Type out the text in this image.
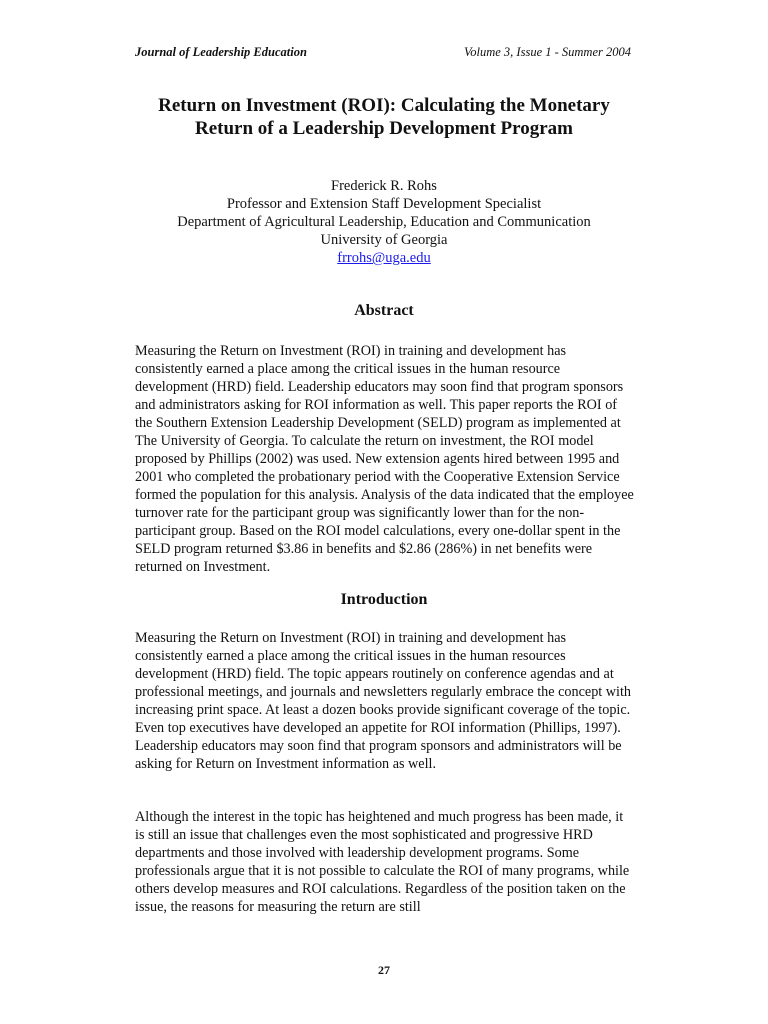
Journal of Leadership Education	Volume 3, Issue 1 - Summer 2004
Return on Investment (ROI): Calculating the Monetary
Return of a Leadership Development Program
Frederick R. Rohs
Professor and Extension Staff Development Specialist
Department of Agricultural Leadership, Education and Communication
University of Georgia
frrohs@uga.edu
Abstract

Measuring the Return on Investment (ROI) in training and development has consistently earned a place among the critical issues in the human resource development (HRD) field. Leadership educators may soon find that program sponsors and administrators asking for ROI information as well. This paper reports the ROI of the Southern Extension Leadership Development (SELD) program as implemented at The University of Georgia. To calculate the return on investment, the ROI model proposed by Phillips (2002) was used. New extension agents hired between 1995 and 2001 who completed the probationary period with the Cooperative Extension Service formed the population for this analysis. Analysis of the data indicated that the employee turnover rate for the participant group was significantly lower than for the non-participant group. Based on the ROI model calculations, every one-dollar spent in the SELD program returned $3.86 in benefits and $2.86 (286%) in net benefits were returned on Investment.

Introduction

Measuring the Return on Investment (ROI) in training and development has consistently earned a place among the critical issues in the human resources development (HRD) field. The topic appears routinely on conference agendas and at professional meetings, and journals and newsletters regularly embrace the concept with increasing print space. At least a dozen books provide significant coverage of the topic. Even top executives have developed an appetite for ROI information (Phillips, 1997). Leadership educators may soon find that program sponsors and administrators will be asking for Return on Investment information as well.

Although the interest in the topic has heightened and much progress has been made, it is still an issue that challenges even the most sophisticated and progressive HRD departments and those involved with leadership development programs. Some professionals argue that it is not possible to calculate the ROI of many programs, while others develop measures and ROI calculations. Regardless of the position taken on the issue, the reasons for measuring the return are still

27
